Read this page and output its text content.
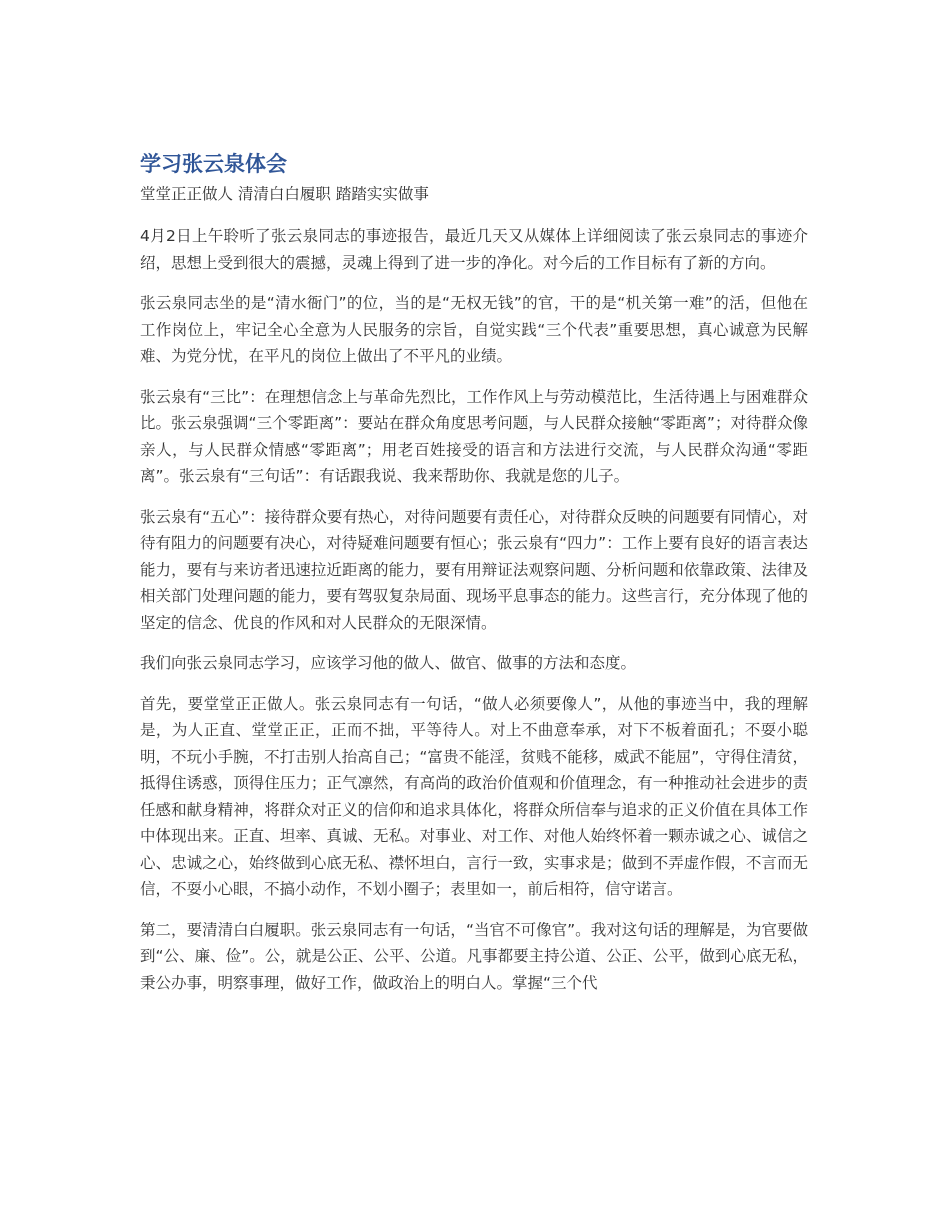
学习张云泉体会

堂堂正正做人 清清白白履职 踏踏实实做事

4月2日上午聆听了张云泉同志的事迹报告，最近几天又从媒体上详细阅读了张云泉同志的事迹介绍，思想上受到很大的震撼，灵魂上得到了进一步的净化。对今后的工作目标有了新的方向。

张云泉同志坐的是“清水衙门”的位，当的是“无权无钱”的官，干的是“机关第一难”的活，但他在工作岗位上，牢记全心全意为人民服务的宗旨，自觉实践“三个代表”重要思想，真心诚意为民解难、为党分忧，在平凡的岗位上做出了不平凡的业绩。

张云泉有“三比”：在理想信念上与革命先烈比，工作作风上与劳动模范比，生活待遇上与困难群众比。张云泉强调“三个零距离”：要站在群众角度思考问题，与人民群众接触“零距离”；对待群众像亲人，与人民群众情感“零距离”；用老百姓接受的语言和方法进行交流，与人民群众沟通“零距离”。张云泉有“三句话”：有话跟我说、我来帮助你、我就是您的儿子。

张云泉有“五心”：接待群众要有热心，对待问题要有责任心，对待群众反映的问题要有同情心，对待有阻力的问题要有决心，对待疑难问题要有恒心；张云泉有“四力”：工作上要有良好的语言表达能力，要有与来访者迅速拉近距离的能力，要有用辩证法观察问题、分析问题和依靠政策、法律及相关部门处理问题的能力，要有驾驭复杂局面、现场平息事态的能力。这些言行，充分体现了他的坚定的信念、优良的作风和对人民群众的无限深情。

我们向张云泉同志学习，应该学习他的做人、做官、做事的方法和态度。

首先，要堂堂正正做人。张云泉同志有一句话，“做人必须要像人”，从他的事迹当中，我的理解是，为人正直、堂堂正正，正而不拙，平等待人。对上不曲意奉承，对下不板着面孔；不耍小聪明，不玩小手腕，不打击别人抬高自己；“富贵不能淫，贫贱不能移，威武不能屈”，守得住清贫，抵得住诱惑，顶得住压力；正气凛然，有高尚的政治价值观和价值理念，有一种推动社会进步的责任感和献身精神，将群众对正义的信仰和追求具体化，将群众所信奉与追求的正义价值在具体工作中体现出来。正直、坦率、真诚、无私。对事业、对工作、对他人始终怀着一颗赤诚之心、诚信之心、忠诚之心，始终做到心底无私、襟怀坦白，言行一致，实事求是；做到不弄虚作假，不言而无信，不耍小心眼，不搞小动作，不划小圈子；表里如一，前后相符，信守诺言。

第二，要清清白白履职。张云泉同志有一句话，“当官不可像官”。我对这句话的理解是，为官要做到“公、廉、俭”。公，就是公正、公平、公道。凡事都要主持公道、公正、公平，做到心底无私，秉公办事，明察事理，做好工作，做政治上的明白人。掌握“三个代
